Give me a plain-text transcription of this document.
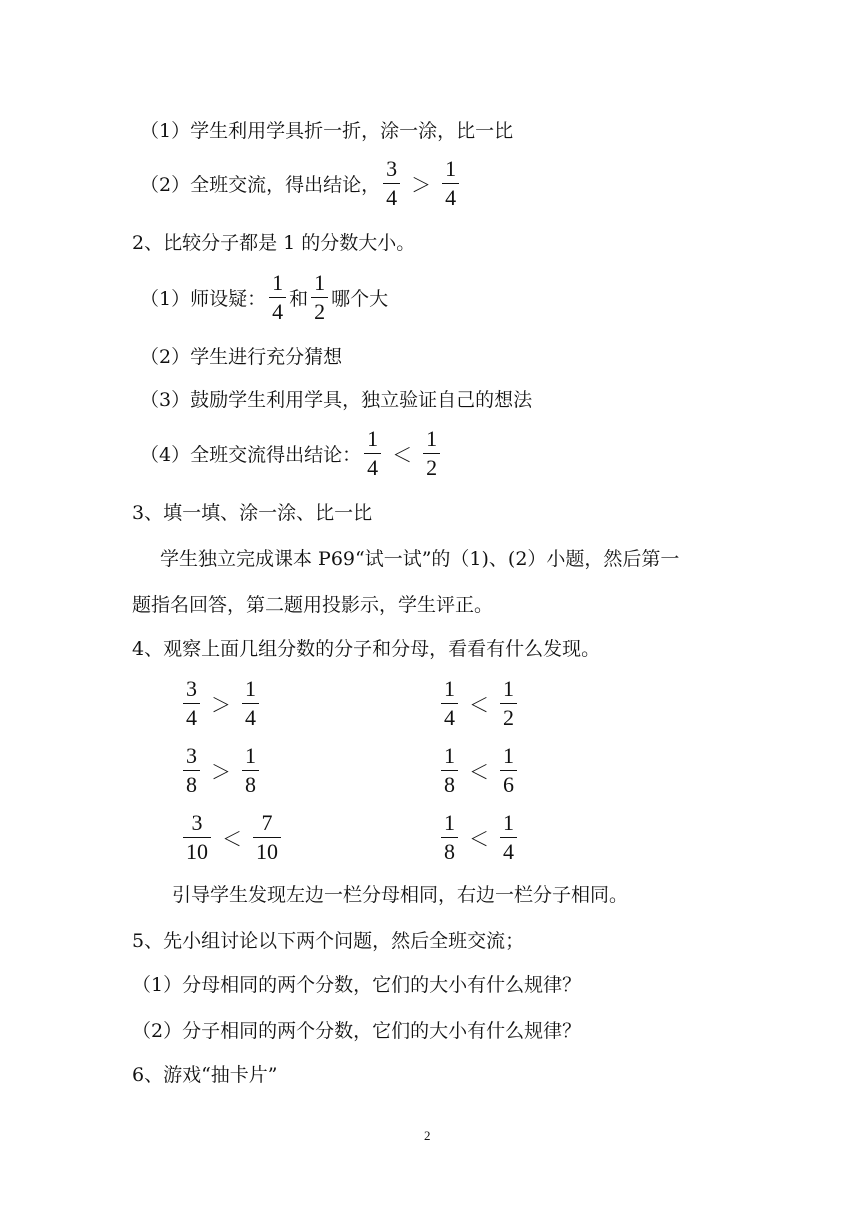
（1）学生利用学具折一折，涂一涂，比一比
（2）全班交流，得出结论， $\frac{3}{4} > \frac{1}{4}$
2、比较分子都是 1 的分数大小。
（1）师设疑： $\frac{1}{4}$ 和 $\frac{1}{2}$ 哪个大
（2）学生进行充分猜想
（3）鼓励学生利用学具，独立验证自己的想法
（4）全班交流得出结论： $\frac{1}{4} < \frac{1}{2}$
3、填一填、涂一涂、比一比
学生独立完成课本 P69“试一试”的（1)、(2）小题，然后第一
题指名回答，第二题用投影示，学生评正。
4、观察上面几组分数的分子和分母，看看有什么发现。
$\frac{3}{4} > \frac{1}{4}$
$\frac{3}{8} > \frac{1}{8}$
$\frac{3}{10} < \frac{7}{10}$
$\frac{1}{4} < \frac{1}{2}$
$\frac{1}{8} < \frac{1}{6}$
$\frac{1}{8} < \frac{1}{4}$
引导学生发现左边一栏分母相同，右边一栏分子相同。
5、先小组讨论以下两个问题，然后全班交流；
（1）分母相同的两个分数，它们的大小有什么规律？
（2）分子相同的两个分数，它们的大小有什么规律？
6、游戏“抽卡片”
2
